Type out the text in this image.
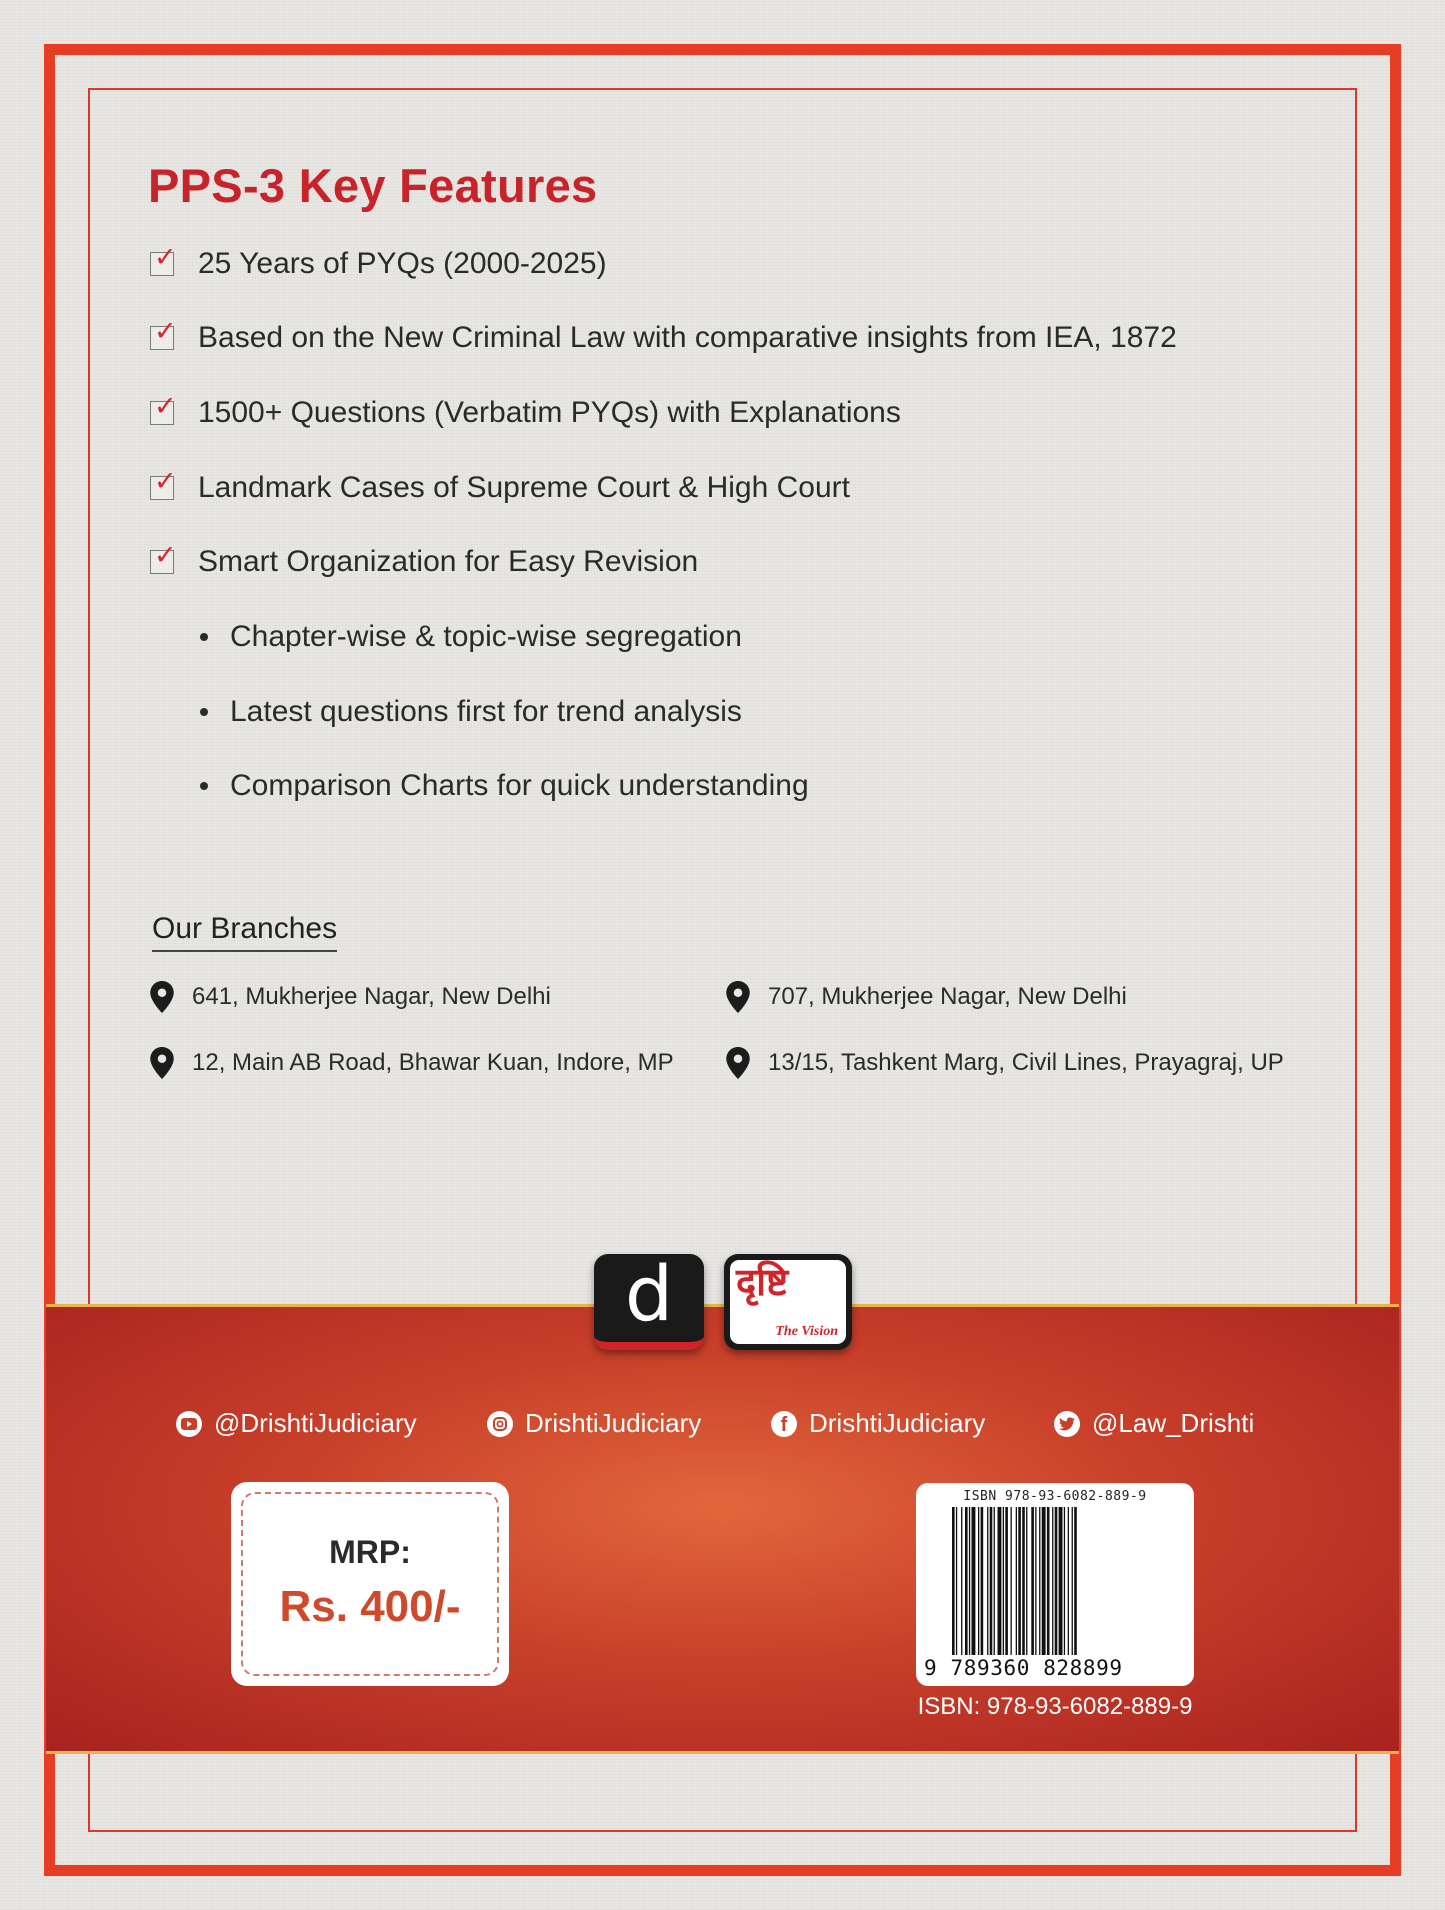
PPS-3 Key Features
✓ 25 Years of PYQs (2000-2025)
✓ Based on the New Criminal Law with comparative insights from IEA, 1872
✓ 1500+ Questions (Verbatim PYQs) with Explanations
✓ Landmark Cases of Supreme Court & High Court
✓ Smart Organization for Easy Revision
Chapter-wise & topic-wise segregation
Latest questions first for trend analysis
Comparison Charts for quick understanding
Our Branches
641, Mukherjee Nagar, New Delhi	707, Mukherjee Nagar, New Delhi
12, Main AB Road, Bhawar Kuan, Indore, MP	13/15, Tashkent Marg, Civil Lines, Prayagraj, UP
d दृष्टि
The Vision
@DrishtiJudiciary	DrishtiJudiciary	f DrishtiJudiciary	@Law_Drishti
MRP:
Rs. 400/-
ISBN 978-93-6082-889-9
9 789360 828899
ISBN: 978-93-6082-889-9
